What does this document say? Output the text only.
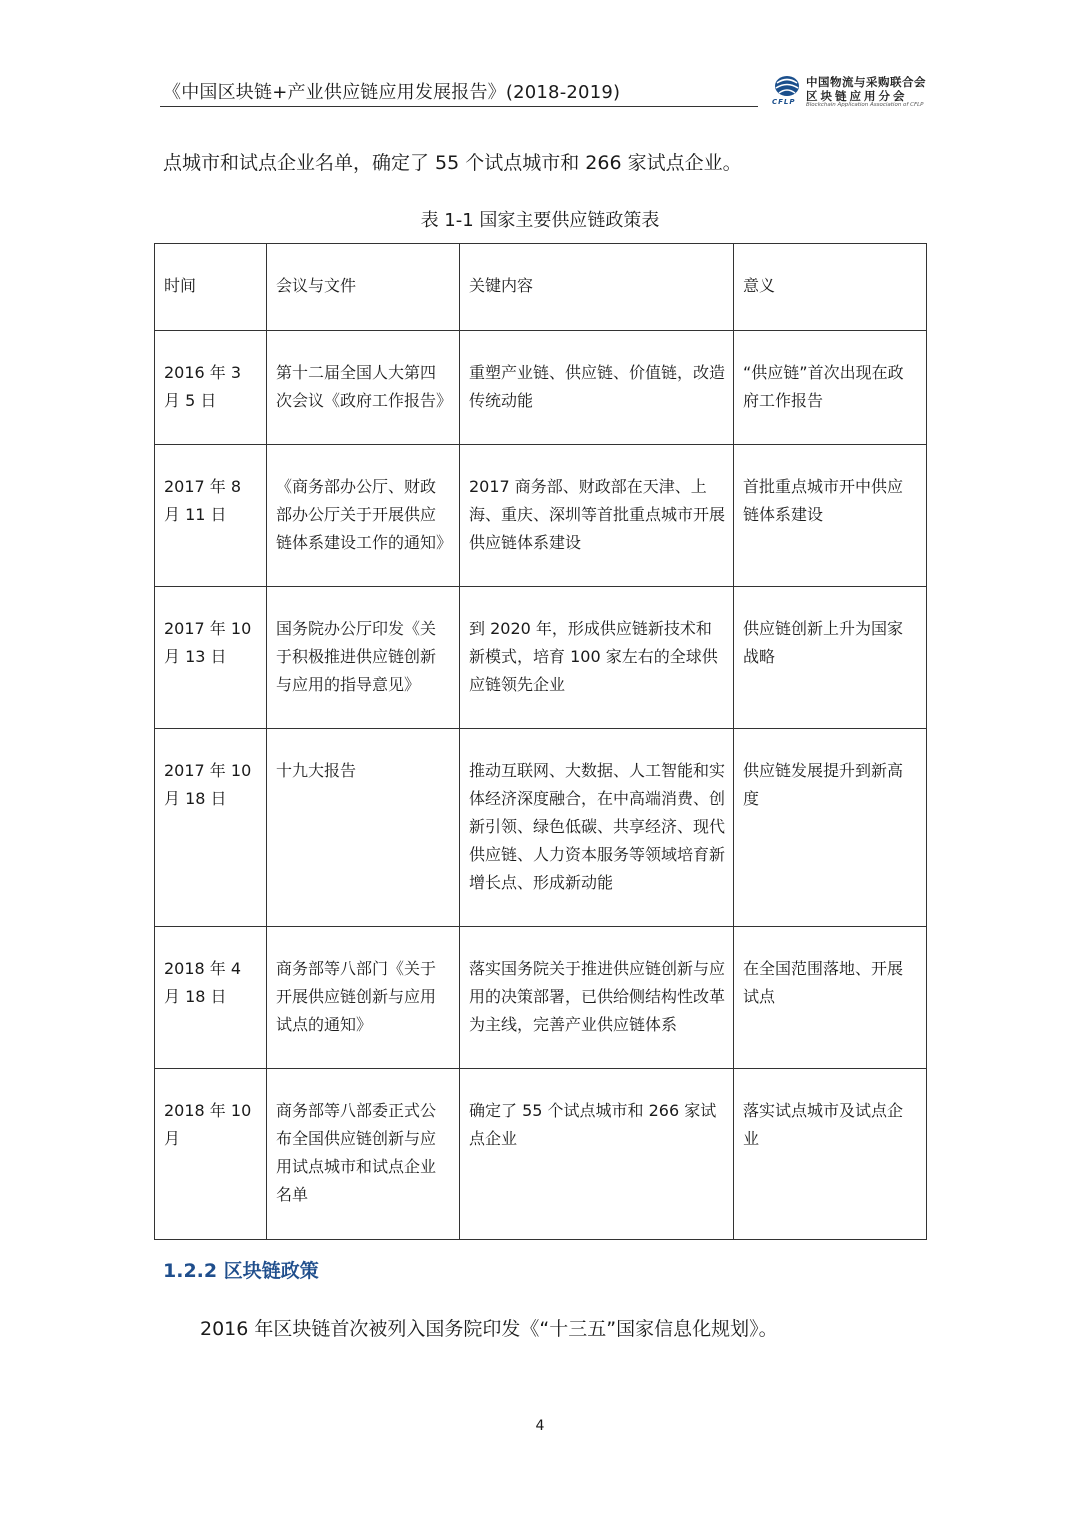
《中国区块链+产业供应链应用发展报告》(2018-2019)	中国物流与采购联合会
区块链应用分会
CFLP Blockchain Application Association of CFLP
点城市和试点企业名单，确定了 55 个试点城市和 266 家试点企业。
表 1-1 国家主要供应链政策表
时间	会议与文件	关键内容	意义
2016 年 3 月 5 日	第十二届全国人大第四次会议《政府工作报告》	重塑产业链、供应链、价值链，改造传统动能	“供应链”首次出现在政府工作报告
2017 年 8 月 11 日	《商务部办公厅、财政部办公厅关于开展供应链体系建设工作的通知》	2017 商务部、财政部在天津、上海、重庆、深圳等首批重点城市开展供应链体系建设	首批重点城市开中供应链体系建设
2017 年 10 月 13 日	国务院办公厅印发《关于积极推进供应链创新与应用的指导意见》	到 2020 年，形成供应链新技术和新模式，培育 100 家左右的全球供应链领先企业	供应链创新上升为国家战略
2017 年 10 月 18 日	十九大报告	推动互联网、大数据、人工智能和实体经济深度融合，在中高端消费、创新引领、绿色低碳、共享经济、现代供应链、人力资本服务等领域培育新增长点、形成新动能	供应链发展提升到新高度
2018 年 4 月 18 日	商务部等八部门《关于开展供应链创新与应用试点的通知》	落实国务院关于推进供应链创新与应用的决策部署，已供给侧结构性改革为主线，完善产业供应链体系	在全国范围落地、开展试点
2018 年 10 月	商务部等八部委正式公布全国供应链创新与应用试点城市和试点企业名单	确定了 55 个试点城市和 266 家试点企业	落实试点城市及试点企业
1.2.2 区块链政策
2016 年区块链首次被列入国务院印发《“十三五”国家信息化规划》。
4
